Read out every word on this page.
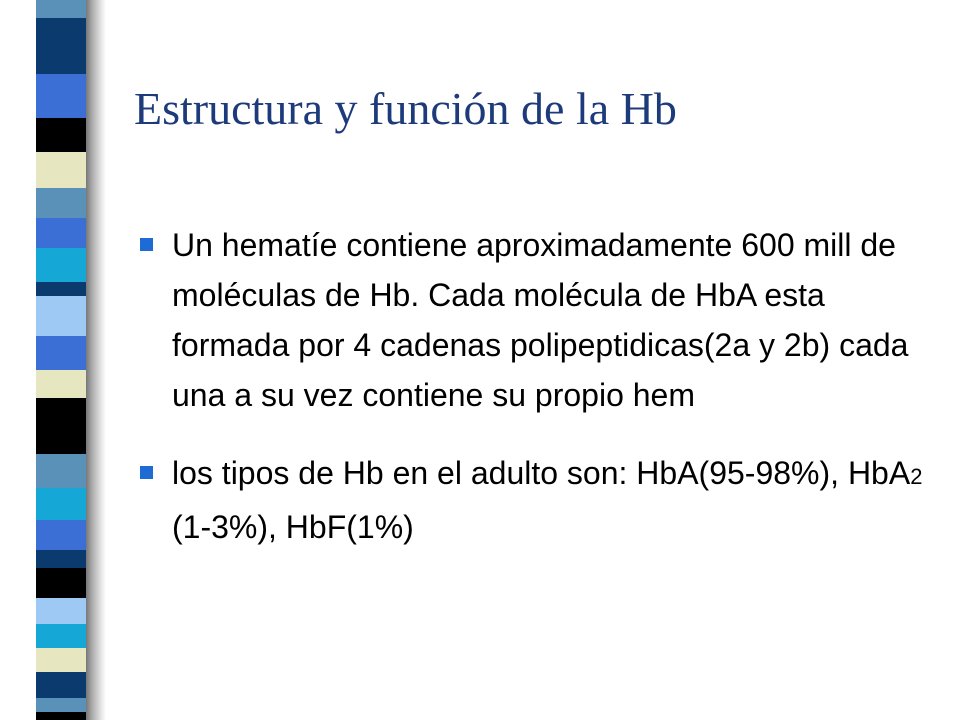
Estructura y función de la Hb
Un hematíe contiene aproximadamente 600 mill de moléculas de Hb. Cada molécula de HbA esta formada por 4 cadenas polipeptidicas(2a y 2b) cada una a su vez contiene su propio hem
los tipos de Hb en el adulto son: HbA(95-98%), HbA2 (1-3%), HbF(1%)
